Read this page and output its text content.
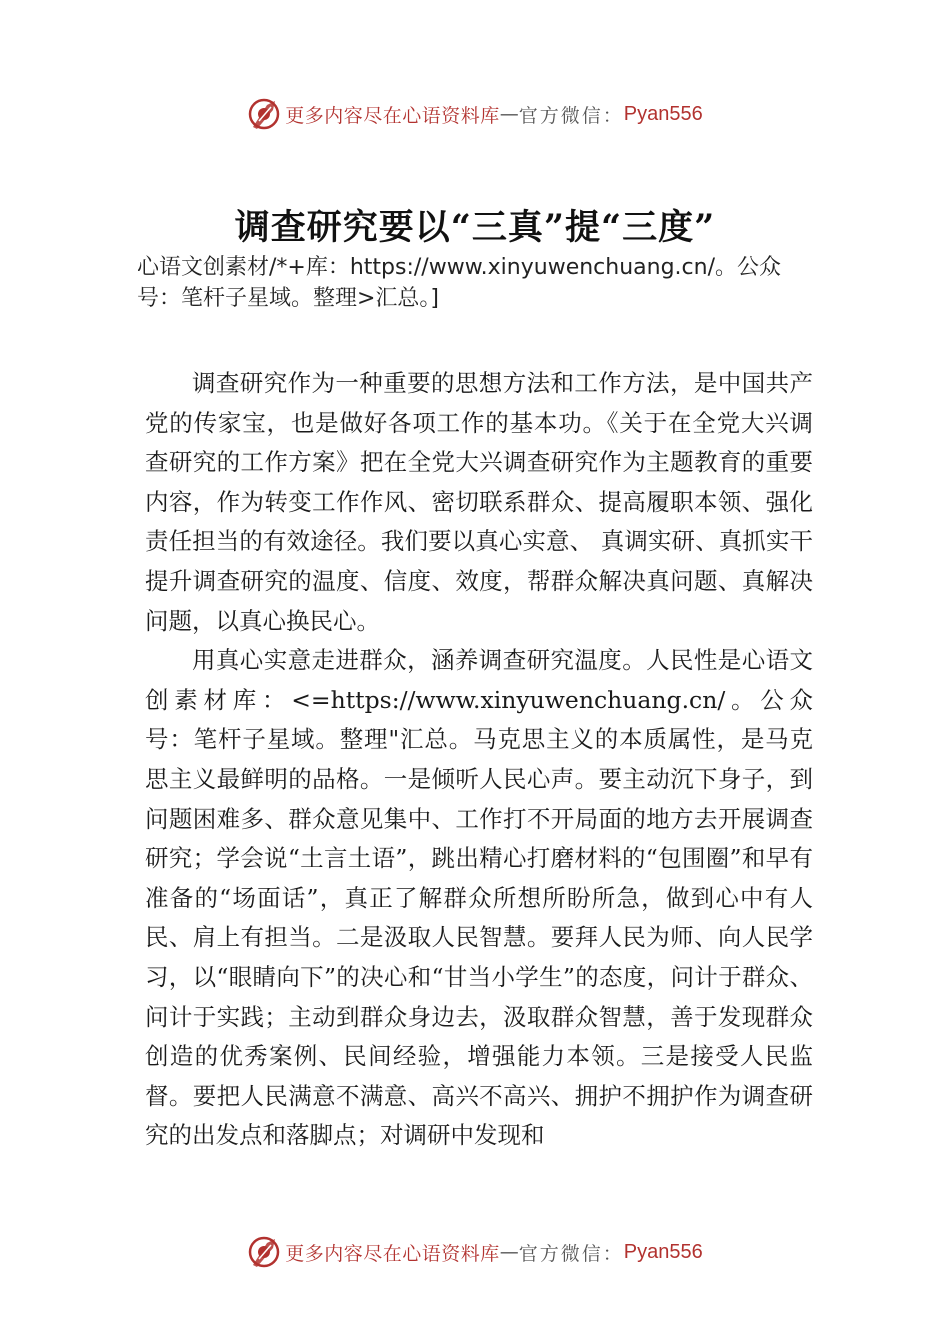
更多内容尽在心语资料库 — 官方微信： Pyan556
调查研究要以“三真”提“三度”
心语文创素材/*+库：https://www.xinyuwenchuang.cn/。公众号：笔杆子星域。整理>汇总。]

调查研究作为一种重要的思想方法和工作方法，是中国共产党的传家宝，也是做好各项工作的基本功。《关于在全党大兴调查研究的工作方案》把在全党大兴调查研究作为主题教育的重要内容，作为转变工作作风、密切联系群众、提高履职本领、强化责任担当的有效途径。我们要以真心实意、 真调实研、真抓实干提升调查研究的温度、信度、效度，帮群众解决真问题、真解决问题，以真心换民心。

用真心实意走进群众，涵养调查研究温度。人民性是心语文创素材库：<=https://www.xinyuwenchuang.cn/。公众号：笔杆子星域。整理"汇总。马克思主义的本质属性，是马克思主义最鲜明的品格。一是倾听人民心声。要主动沉下身子，到问题困难多、群众意见集中、工作打不开局面的地方去开展调查研究；学会说“土言土语”，跳出精心打磨材料的“包围圈”和早有准备的“场面话”，真正了解群众所想所盼所急，做到心中有人民、肩上有担当。二是汲取人民智慧。要拜人民为师、向人民学习，以“眼睛向下”的决心和“甘当小学生”的态度，问计于群众、问计于实践；主动到群众身边去，汲取群众智慧，善于发现群众创造的优秀案例、民间经验，增强能力本领。三是接受人民监督。要把人民满意不满意、高兴不高兴、拥护不拥护作为调查研究的出发点和落脚点；对调研中发现和

更多内容尽在心语资料库 — 官方微信： Pyan556
